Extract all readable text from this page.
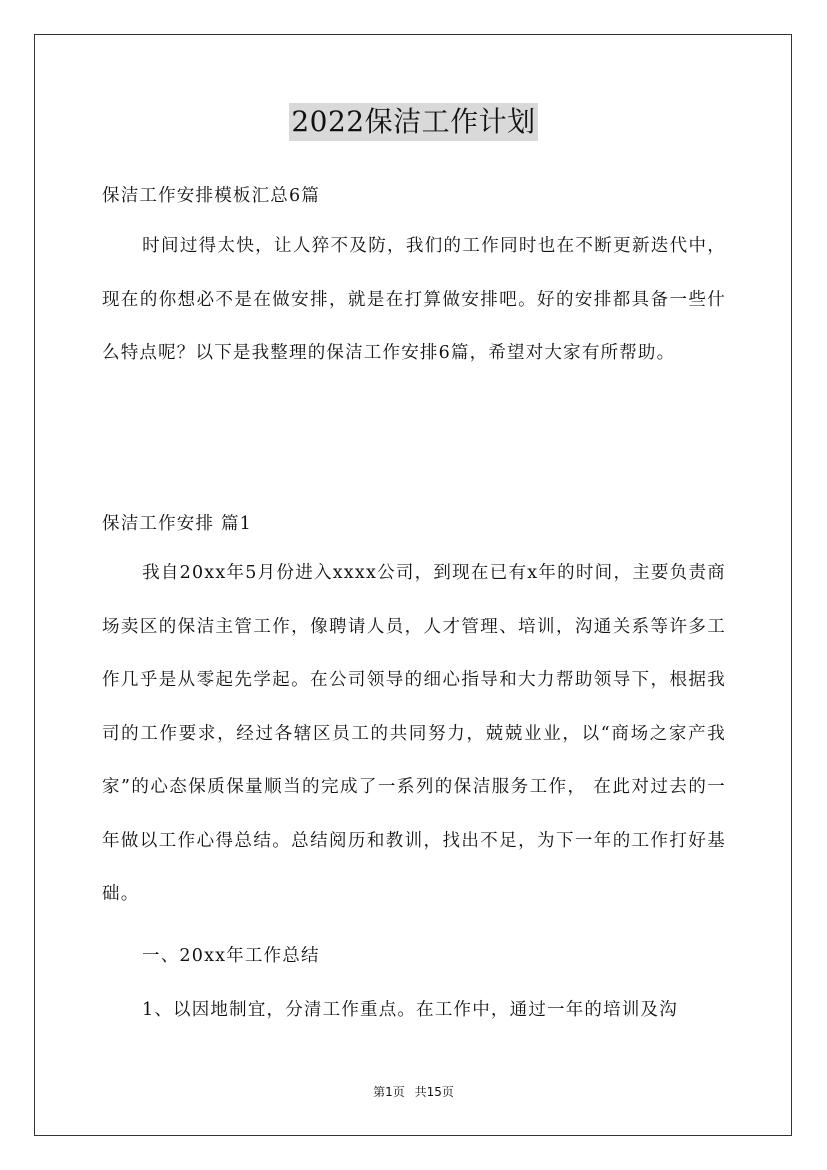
2022保洁工作计划

保洁工作安排模板汇总6篇

时间过得太快，让人猝不及防，我们的工作同时也在不断更新迭代中，现在的你想必不是在做安排，就是在打算做安排吧。好的安排都具备一些什么特点呢？以下是我整理的保洁工作安排6篇，希望对大家有所帮助。

保洁工作安排 篇1

我自20xx年5月份进入xxxx公司，到现在已有x年的时间，主要负责商场卖区的保洁主管工作，像聘请人员，人才管理、培训，沟通关系等许多工作几乎是从零起先学起。在公司领导的细心指导和大力帮助领导下，根据我司的工作要求，经过各辖区员工的共同努力，兢兢业业，以“商场之家产我家”的心态保质保量顺当的完成了一系列的保洁服务工作， 在此对过去的一年做以工作心得总结。总结阅历和教训，找出不足，为下一年的工作打好基础。

一、20xx年工作总结

1、以因地制宜，分清工作重点。在工作中，通过一年的培训及沟

第1页 共15页
